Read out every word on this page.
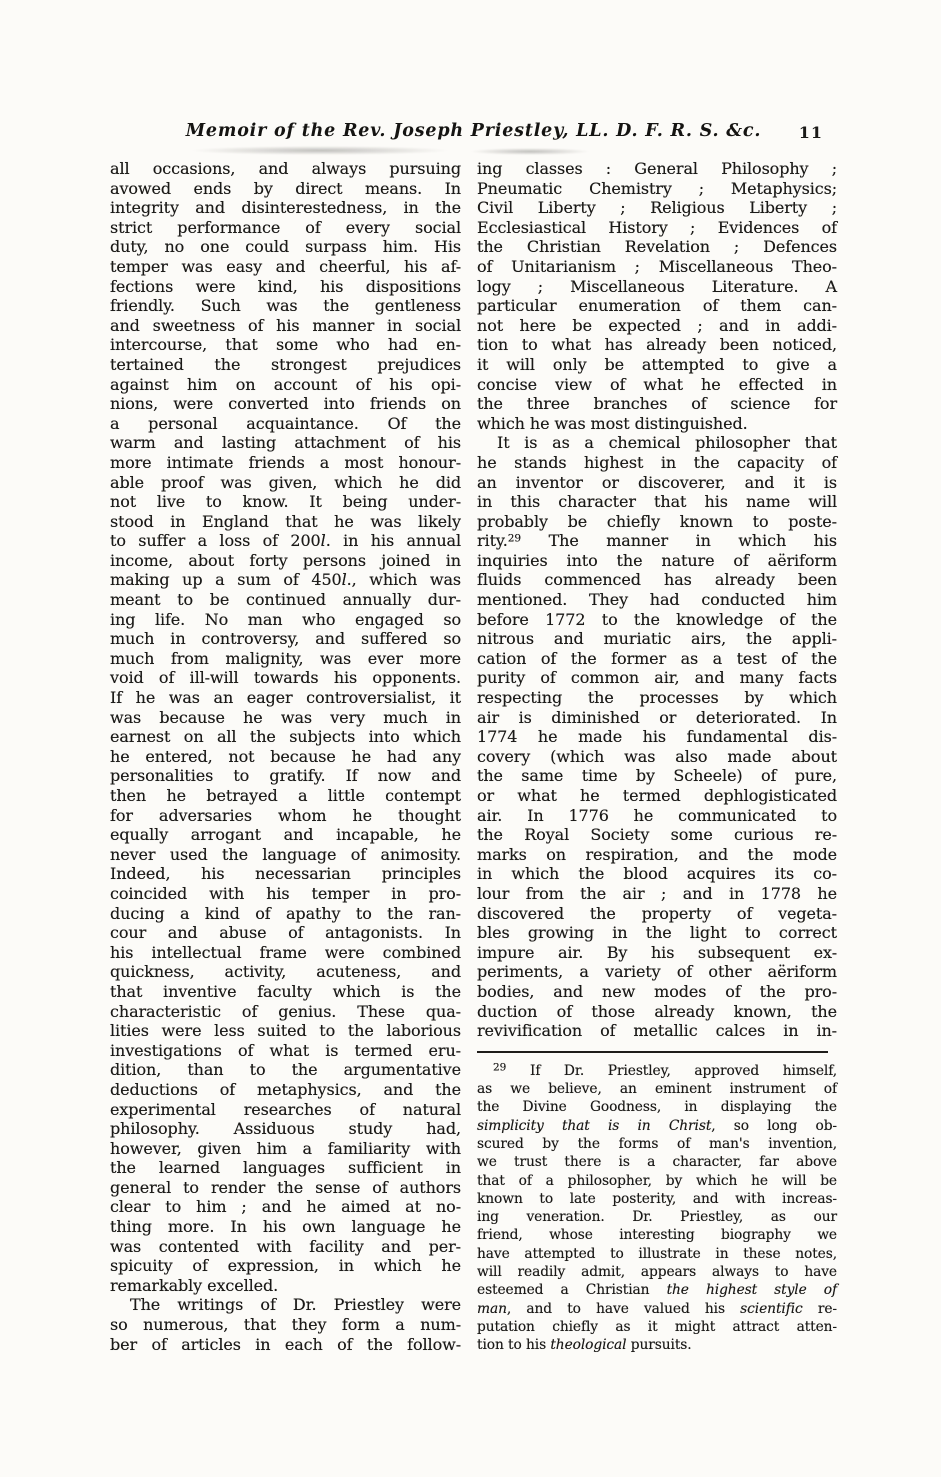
Memoir of the Rev. Joseph Priestley, LL. D. F. R. S. &c.	11
all occasions, and always pursuing
avowed ends by direct means. In
integrity and disinterestedness, in the
strict performance of every social
duty, no one could surpass him. His
temper was easy and cheerful, his af-
fections were kind, his dispositions
friendly. Such was the gentleness
and sweetness of his manner in social
intercourse, that some who had en-
tertained the strongest prejudices
against him on account of his opi-
nions, were converted into friends on
a personal acquaintance. Of the
warm and lasting attachment of his
more intimate friends a most honour-
able proof was given, which he did
not live to know. It being under-
stood in England that he was likely
to suffer a loss of 200l. in his annual
income, about forty persons joined in
making up a sum of 450l., which was
meant to be continued annually dur-
ing life. No man who engaged so
much in controversy, and suffered so
much from malignity, was ever more
void of ill-will towards his opponents.
If he was an eager controversialist, it
was because he was very much in
earnest on all the subjects into which
he entered, not because he had any
personalities to gratify. If now and
then he betrayed a little contempt
for adversaries whom he thought
equally arrogant and incapable, he
never used the language of animosity.
Indeed, his necessarian principles
coincided with his temper in pro-
ducing a kind of apathy to the ran-
cour and abuse of antagonists. In
his intellectual frame were combined
quickness, activity, acuteness, and
that inventive faculty which is the
characteristic of genius. These qua-
lities were less suited to the laborious
investigations of what is termed eru-
dition, than to the argumentative
deductions of metaphysics, and the
experimental researches of natural
philosophy. Assiduous study had,
however, given him a familiarity with
the learned languages sufficient in
general to render the sense of authors
clear to him ; and he aimed at no-
thing more. In his own language he
was contented with facility and per-
spicuity of expression, in which he
remarkably excelled.
The writings of Dr. Priestley were
so numerous, that they form a num-
ber of articles in each of the follow-
ing classes : General Philosophy ;
Pneumatic Chemistry ; Metaphysics;
Civil Liberty ; Religious Liberty ;
Ecclesiastical History ; Evidences of
the Christian Revelation ; Defences
of Unitarianism ; Miscellaneous Theo-
logy ; Miscellaneous Literature. A
particular enumeration of them can-
not here be expected ; and in addi-
tion to what has already been noticed,
it will only be attempted to give a
concise view of what he effected in
the three branches of science for
which he was most distinguished.
It is as a chemical philosopher that
he stands highest in the capacity of
an inventor or discoverer, and it is
in this character that his name will
probably be chiefly known to poste-
rity.$^{29}$ The manner in which his
inquiries into the nature of aëriform
fluids commenced has already been
mentioned. They had conducted him
before 1772 to the knowledge of the
nitrous and muriatic airs, the appli-
cation of the former as a test of the
purity of common air, and many facts
respecting the processes by which
air is diminished or deteriorated. In
1774 he made his fundamental dis-
covery (which was also made about
the same time by Scheele) of pure,
or what he termed dephlogisticated
air. In 1776 he communicated to
the Royal Society some curious re-
marks on respiration, and the mode
in which the blood acquires its co-
lour from the air ; and in 1778 he
discovered the property of vegeta-
bles growing in the light to correct
impure air. By his subsequent ex-
periments, a variety of other aëriform
bodies, and new modes of the pro-
duction of those already known, the
revivification of metallic calces in in-
$^{29}$ If Dr. Priestley, approved himself,
as we believe, an eminent instrument of
the Divine Goodness, in displaying the
simplicity that is in Christ, so long ob-
scured by the forms of man's invention,
we trust there is a character, far above
that of a philosopher, by which he will be
known to late posterity, and with increas-
ing veneration. Dr. Priestley, as our
friend, whose interesting biography we
have attempted to illustrate in these notes,
will readily admit, appears always to have
esteemed a Christian the highest style of
man, and to have valued his scientific re-
putation chiefly as it might attract atten-
tion to his theological pursuits.
